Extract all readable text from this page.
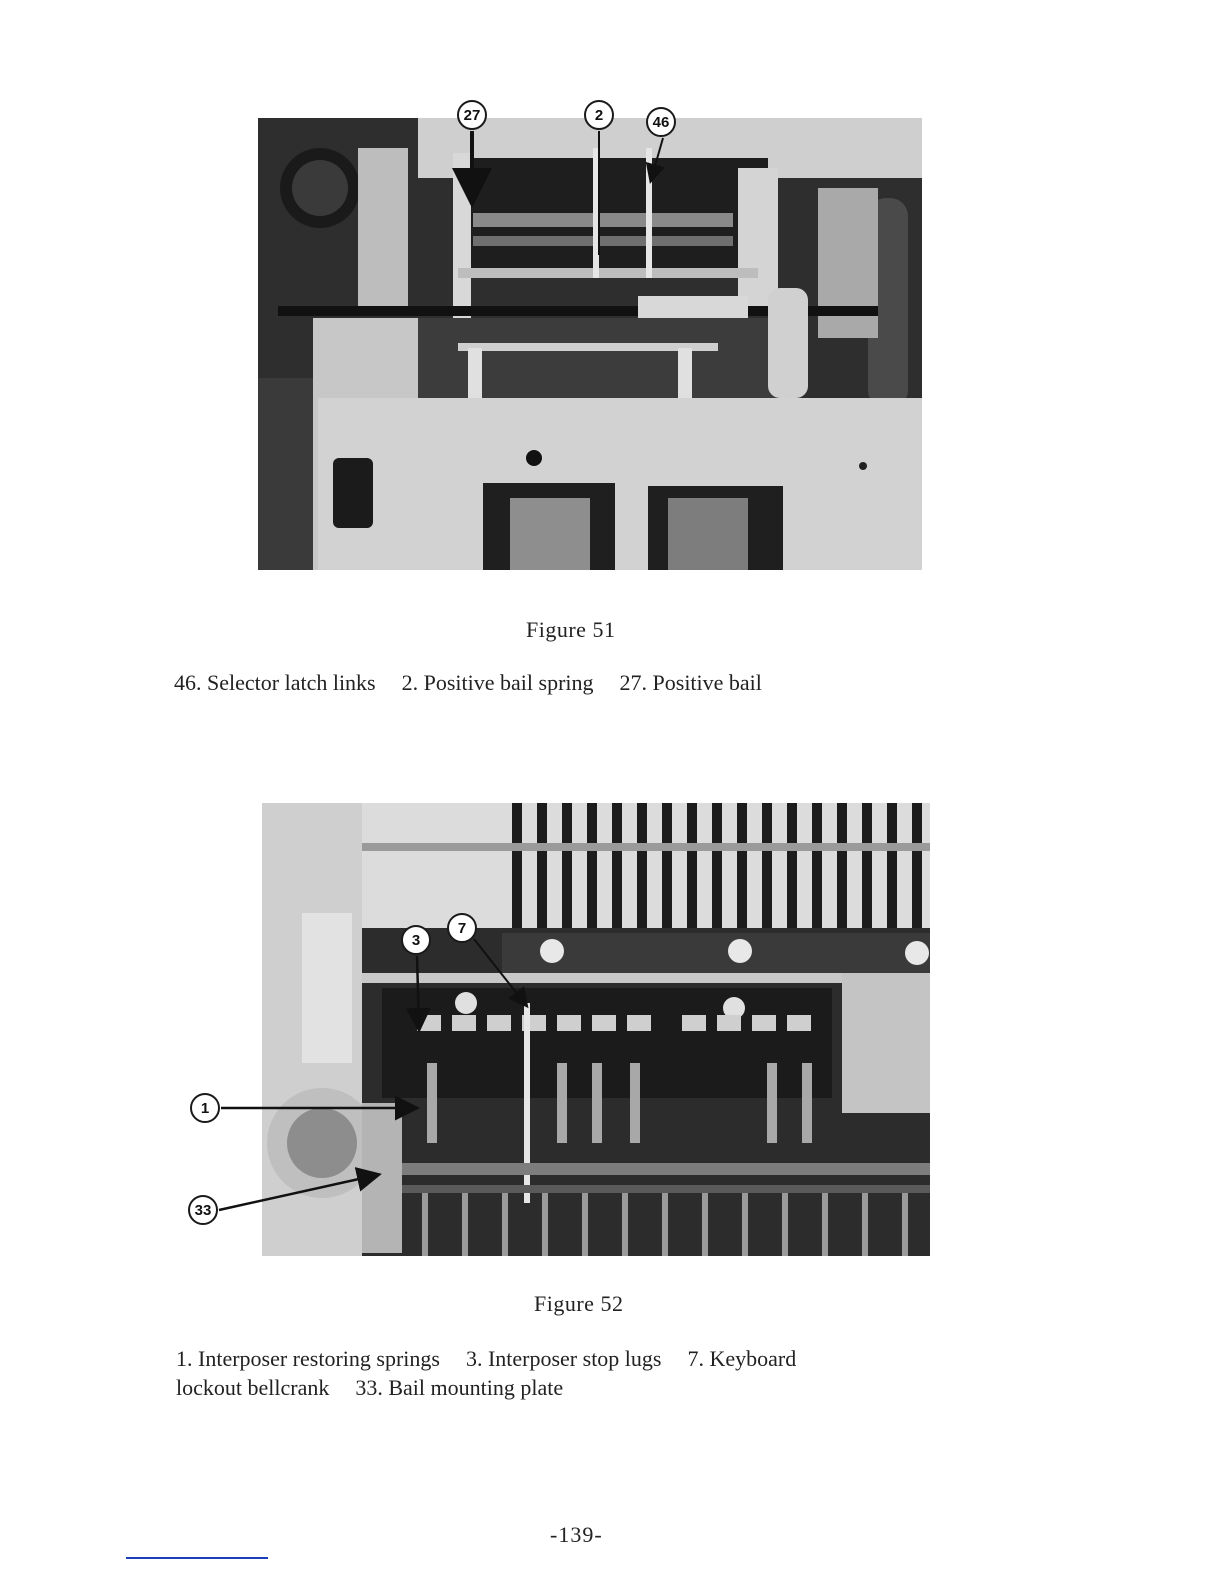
27	2	46
Figure 51
46. Selector latch links 2. Positive bail spring 27. Positive bail
3
7
1
33
Figure 52
1. Interposer restoring springs 3. Interposer stop lugs 7. Keyboard
lockout bellcrank 33. Bail mounting plate
-139-
